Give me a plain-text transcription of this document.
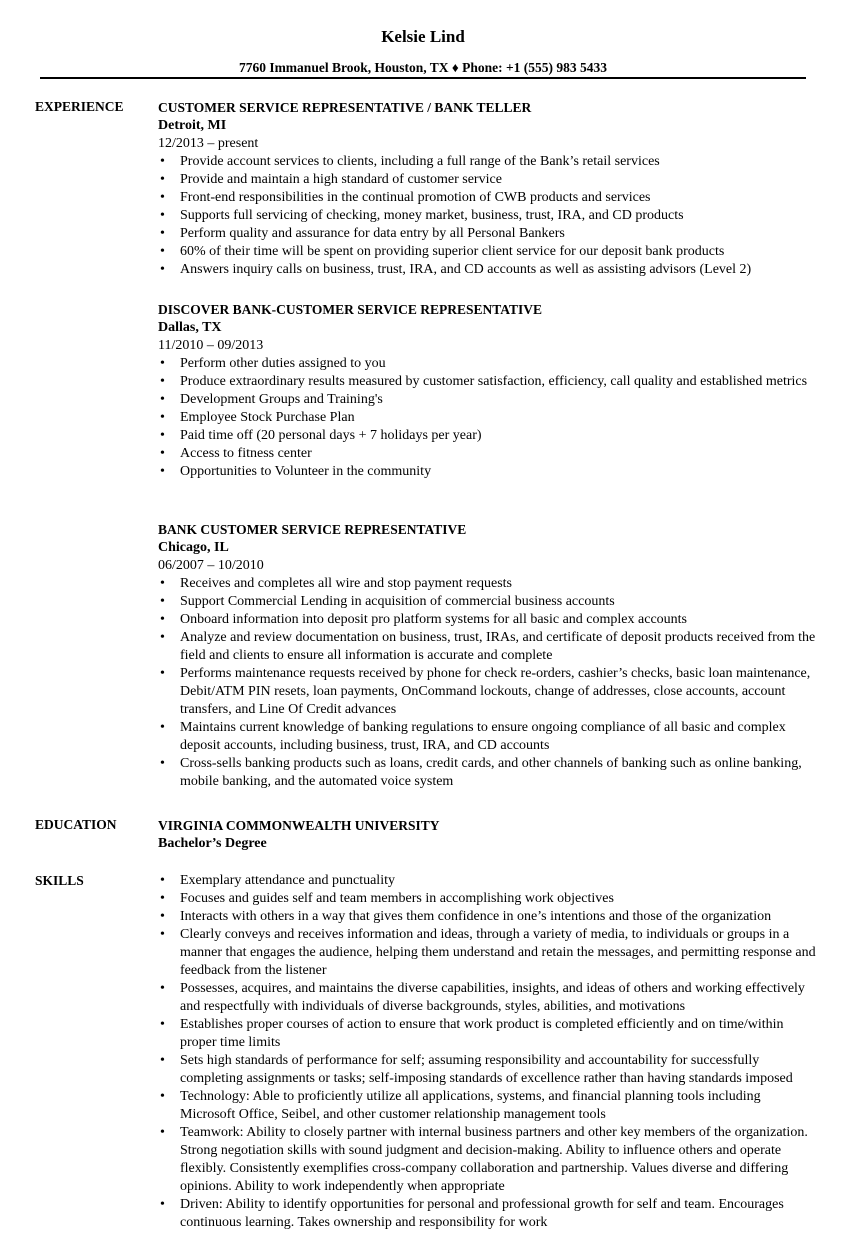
Kelsie Lind
7760 Immanuel Brook, Houston, TX ♦ Phone: +1 (555) 983 5433
EXPERIENCE	CUSTOMER SERVICE REPRESENTATIVE / BANK TELLER
Detroit, MI
12/2013 – present
• Provide account services to clients, including a full range of the Bank’s retail services
• Provide and maintain a high standard of customer service
• Front-end responsibilities in the continual promotion of CWB products and services
• Supports full servicing of checking, money market, business, trust, IRA, and CD products
• Perform quality and assurance for data entry by all Personal Bankers
• 60% of their time will be spent on providing superior client service for our deposit bank products
• Answers inquiry calls on business, trust, IRA, and CD accounts as well as assisting advisors (Level 2)
DISCOVER BANK-CUSTOMER SERVICE REPRESENTATIVE
Dallas, TX
11/2010 – 09/2013
• Perform other duties assigned to you
• Produce extraordinary results measured by customer satisfaction, efficiency, call quality and established metrics
• Development Groups and Training's
• Employee Stock Purchase Plan
• Paid time off (20 personal days + 7 holidays per year)
• Access to fitness center
• Opportunities to Volunteer in the community
BANK CUSTOMER SERVICE REPRESENTATIVE
Chicago, IL
06/2007 – 10/2010
• Receives and completes all wire and stop payment requests
• Support Commercial Lending in acquisition of commercial business accounts
• Onboard information into deposit pro platform systems for all basic and complex accounts
• Analyze and review documentation on business, trust, IRAs, and certificate of deposit products received from the field and clients to ensure all information is accurate and complete
• Performs maintenance requests received by phone for check re-orders, cashier’s checks, basic loan maintenance, Debit/ATM PIN resets, loan payments, OnCommand lockouts, change of addresses, close accounts, account transfers, and Line Of Credit advances
• Maintains current knowledge of banking regulations to ensure ongoing compliance of all basic and complex deposit accounts, including business, trust, IRA, and CD accounts
• Cross-sells banking products such as loans, credit cards, and other channels of banking such as online banking, mobile banking, and the automated voice system
EDUCATION	VIRGINIA COMMONWEALTH UNIVERSITY
Bachelor’s Degree
SKILLS
•	Exemplary attendance and punctuality
• Focuses and guides self and team members in accomplishing work objectives
• Interacts with others in a way that gives them confidence in one’s intentions and those of the organization
• Clearly conveys and receives information and ideas, through a variety of media, to individuals or groups in a manner that engages the audience, helping them understand and retain the messages, and permitting response and feedback from the listener
• Possesses, acquires, and maintains the diverse capabilities, insights, and ideas of others and working effectively and respectfully with individuals of diverse backgrounds, styles, abilities, and motivations
• Establishes proper courses of action to ensure that work product is completed efficiently and on time/within proper time limits
• Sets high standards of performance for self; assuming responsibility and accountability for successfully completing assignments or tasks; self-imposing standards of excellence rather than having standards imposed
• Technology: Able to proficiently utilize all applications, systems, and financial planning tools including Microsoft Office, Seibel, and other customer relationship management tools
• Teamwork: Ability to closely partner with internal business partners and other key members of the organization. Strong negotiation skills with sound judgment and decision-making. Ability to influence others and operate flexibly. Consistently exemplifies cross-company collaboration and partnership. Values diverse and differing opinions. Ability to work independently when appropriate
• Driven: Ability to identify opportunities for personal and professional growth for self and team. Encourages continuous learning. Takes ownership and responsibility for work
